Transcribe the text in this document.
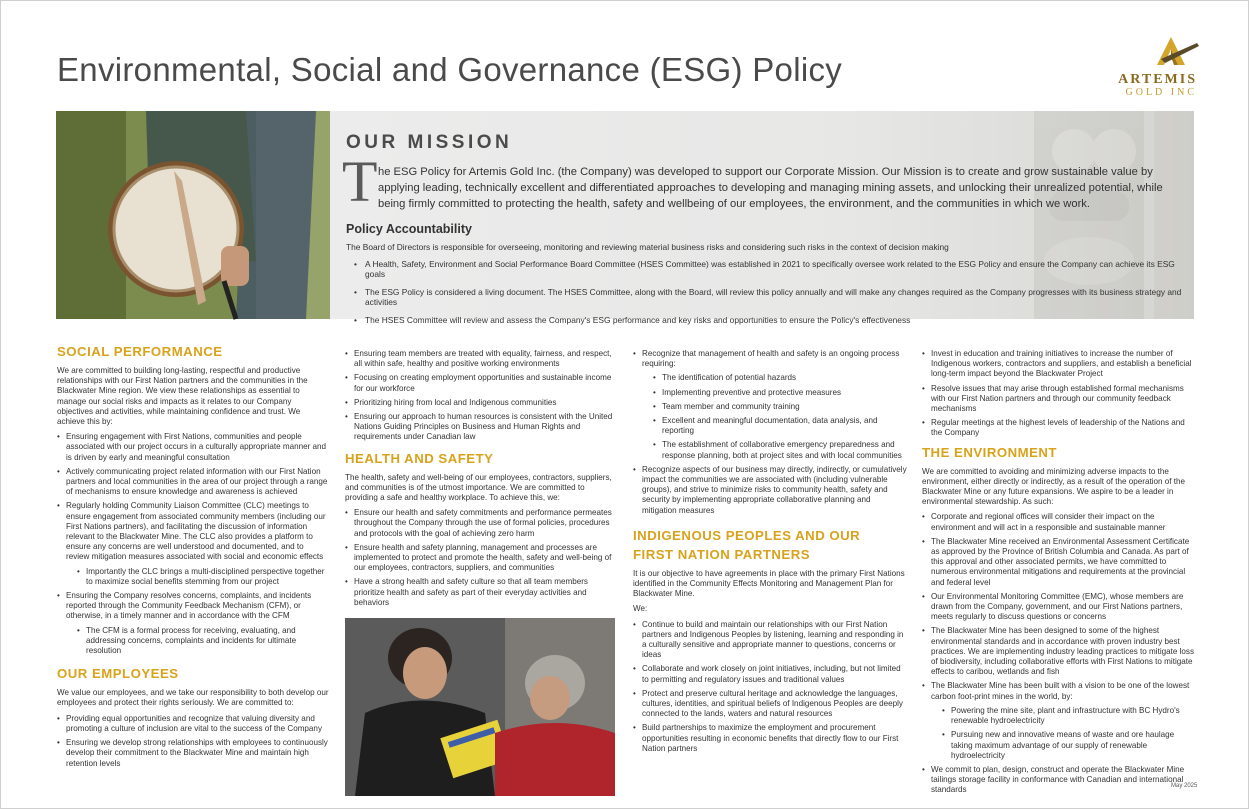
Environmental, Social and Governance (ESG) Policy	ARTEMIS
GOLD INC
OUR MISSION
T he ESG Policy for Artemis Gold Inc. (the Company) was developed to support our Corporate Mission. Our Mission is to create and grow sustainable value by applying leading, technically excellent and differentiated approaches to developing and managing mining assets, and unlocking their unrealized potential, while being firmly committed to protecting the health, safety and wellbeing of our employees, the environment, and the communities in which we work.
Policy Accountability

The Board of Directors is responsible for overseeing, monitoring and reviewing material business risks and considering such risks in the context of decision making

• A Health, Safety, Environment and Social Performance Board Committee (HSES Committee) was established in 2021 to specifically oversee work related to the ESG Policy and ensure the Company can achieve its ESG goals
• The ESG Policy is considered a living document. The HSES Committee, along with the Board, will review this policy annually and will make any changes required as the Company progresses with its business strategy and activities
• The HSES Committee will review and assess the Company's ESG performance and key risks and opportunities to ensure the Policy's effectiveness
SOCIAL PERFORMANCE

We are committed to building long-lasting, respectful and productive relationships with our First Nation partners and the communities in the Blackwater Mine region. We view these relationships as essential to manage our social risks and impacts as it relates to our Company objectives and activities, while maintaining confidence and trust. We achieve this by:

• Ensuring engagement with First Nations, communities and people associated with our project occurs in a culturally appropriate manner and is driven by early and meaningful consultation
• Actively communicating project related information with our First Nation partners and local communities in the area of our project through a range of mechanisms to ensure knowledge and awareness is achieved
• Regularly holding Community Liaison Committee (CLC) meetings to ensure engagement from associated community members (including our First Nations partners), and facilitating the discussion of information relevant to the Blackwater Mine. The CLC also provides a platform to ensure any concerns are well understood and documented, and to review mitigation measures associated with social and economic effects
• Importantly the CLC brings a multi-disciplined perspective together to maximize social benefits stemming from our project
• Ensuring the Company resolves concerns, complaints, and incidents reported through the Community Feedback Mechanism (CFM), or otherwise, in a timely manner and in accordance with the CFM
• The CFM is a formal process for receiving, evaluating, and addressing concerns, complaints and incidents for ultimate resolution
OUR EMPLOYEES

We value our employees, and we take our responsibility to both develop our employees and protect their rights seriously. We are committed to:

• Providing equal opportunities and recognize that valuing diversity and promoting a culture of inclusion are vital to the success of the Company
• Ensuring we develop strong relationships with employees to continuously develop their commitment to the Blackwater Mine and maintain high retention levels
• Ensuring team members are treated with equality, fairness, and respect, all within safe, healthy and positive working environments
• Focusing on creating employment opportunities and sustainable income for our workforce
• Prioritizing hiring from local and Indigenous communities
• Ensuring our approach to human resources is consistent with the United Nations Guiding Principles on Business and Human Rights and requirements under Canadian law
HEALTH AND SAFETY

The health, safety and well-being of our employees, contractors, suppliers, and communities is of the utmost importance. We are committed to providing a safe and healthy workplace. To achieve this, we:

• Ensure our health and safety commitments and performance permeates throughout the Company through the use of formal policies, procedures and protocols with the goal of achieving zero harm
• Ensure health and safety planning, management and processes are implemented to protect and promote the health, safety and well-being of our employees, contractors, suppliers, and communities
• Have a strong health and safety culture so that all team members prioritize health and safety as part of their everyday activities and behaviors
• Recognize that management of health and safety is an ongoing process requiring:
• The identification of potential hazards
• Implementing preventive and protective measures
• Team member and community training
• Excellent and meaningful documentation, data analysis, and reporting
• The establishment of collaborative emergency preparedness and response planning, both at project sites and with local communities
• Recognize aspects of our business may directly, indirectly, or cumulatively impact the communities we are associated with (including vulnerable groups), and strive to minimize risks to community health, safety and security by implementing appropriate collaborative planning and mitigation measures
INDIGENOUS PEOPLES AND OUR FIRST NATION PARTNERS

It is our objective to have agreements in place with the primary First Nations identified in the Community Effects Monitoring and Management Plan for Blackwater Mine.

We:

• Continue to build and maintain our relationships with our First Nation partners and Indigenous Peoples by listening, learning and responding in a culturally sensitive and appropriate manner to questions, concerns or ideas
• Collaborate and work closely on joint initiatives, including, but not limited to permitting and regulatory issues and traditional values
• Protect and preserve cultural heritage and acknowledge the languages, cultures, identities, and spiritual beliefs of Indigenous Peoples are deeply connected to the lands, waters and natural resources
• Build partnerships to maximize the employment and procurement opportunities resulting in economic benefits that directly flow to our First Nation partners
• Invest in education and training initiatives to increase the number of Indigenous workers, contractors and suppliers, and establish a beneficial long-term impact beyond the Blackwater Project
• Resolve issues that may arise through established formal mechanisms with our First Nation partners and through our community feedback mechanisms
• Regular meetings at the highest levels of leadership of the Nations and the Company
THE ENVIRONMENT

We are committed to avoiding and minimizing adverse impacts to the environment, either directly or indirectly, as a result of the operation of the Blackwater Mine or any future expansions. We aspire to be a leader in environmental stewardship. As such:

• Corporate and regional offices will consider their impact on the environment and will act in a responsible and sustainable manner
• The Blackwater Mine received an Environmental Assessment Certificate as approved by the Province of British Columbia and Canada. As part of this approval and other associated permits, we have committed to numerous environmental mitigations and requirements at the provincial and federal level
• Our Environmental Monitoring Committee (EMC), whose members are drawn from the Company, government, and our First Nations partners, meets regularly to discuss questions or concerns
• The Blackwater Mine has been designed to some of the highest environmental standards and in accordance with proven industry best practices. We are implementing industry leading practices to mitigate loss of biodiversity, including collaborative efforts with First Nations to mitigate effects to caribou, wetlands and fish
• The Blackwater Mine has been built with a vision to be one of the lowest carbon foot-print mines in the world, by:
• Powering the mine site, plant and infrastructure with BC Hydro's renewable hydroelectricity
• Pursuing new and innovative means of waste and ore haulage taking maximum advantage of our supply of renewable hydroelectricity
• We commit to plan, design, construct and operate the Blackwater Mine tailings storage facility in conformance with Canadian and international standards	May 2025
